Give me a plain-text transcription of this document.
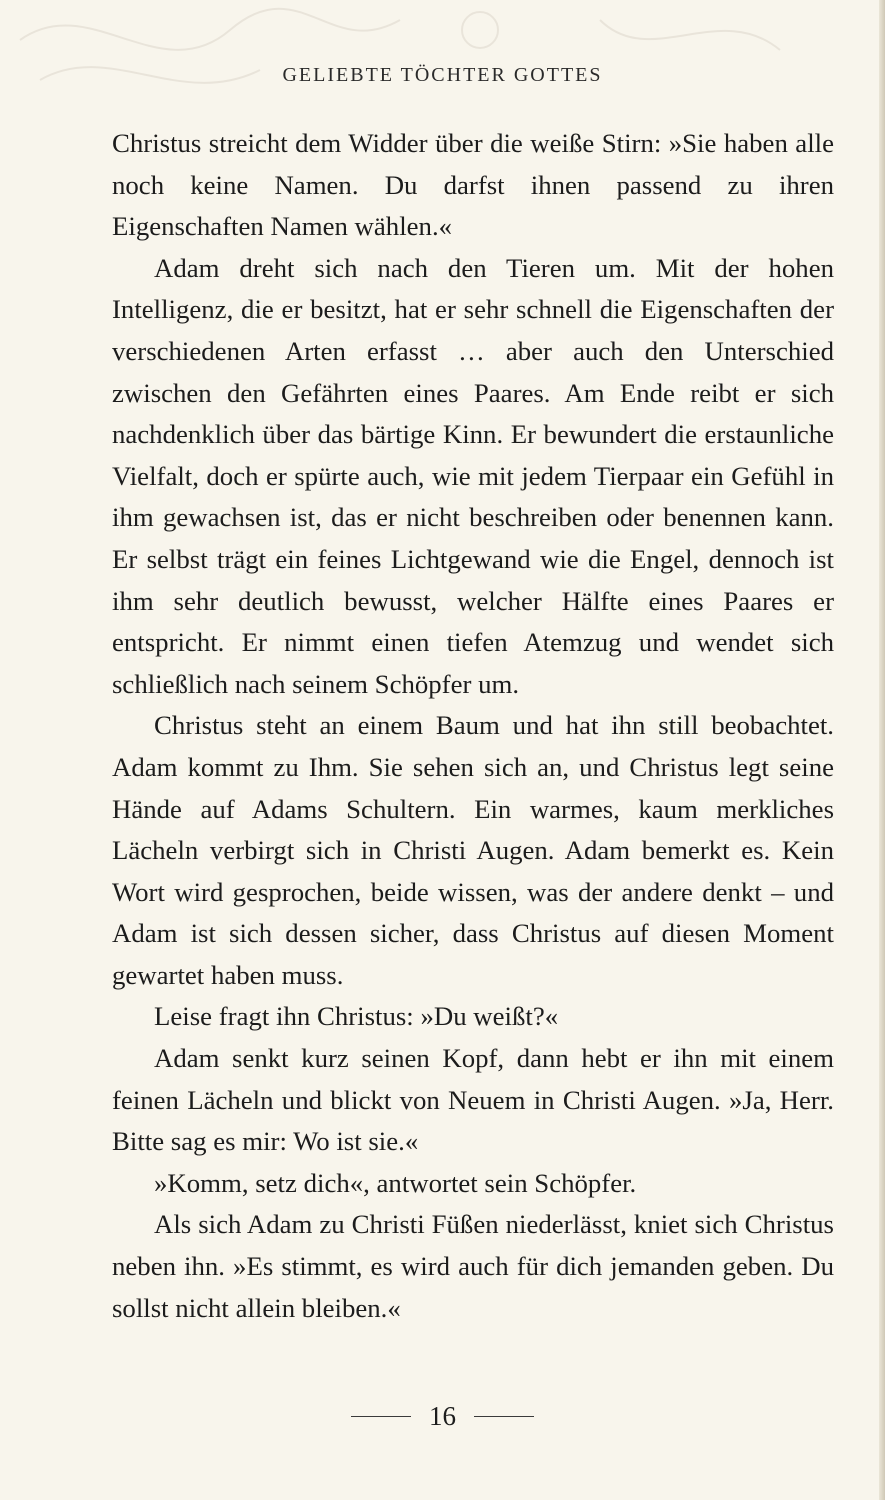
GELIEBTE TÖCHTER GOTTES

Christus streicht dem Widder über die weiße Stirn: »Sie haben alle noch keine Namen. Du darfst ihnen passend zu ihren Eigenschaften Namen wählen.«

Adam dreht sich nach den Tieren um. Mit der hohen Intelligenz, die er besitzt, hat er sehr schnell die Eigenschaften der verschiedenen Arten erfasst … aber auch den Unterschied zwischen den Gefährten eines Paares. Am Ende reibt er sich nachdenklich über das bärtige Kinn. Er bewundert die erstaunliche Vielfalt, doch er spürte auch, wie mit jedem Tierpaar ein Gefühl in ihm gewachsen ist, das er nicht beschreiben oder benennen kann. Er selbst trägt ein feines Lichtgewand wie die Engel, dennoch ist ihm sehr deutlich bewusst, welcher Hälfte eines Paares er entspricht. Er nimmt einen tiefen Atemzug und wendet sich schließlich nach seinem Schöpfer um.

Christus steht an einem Baum und hat ihn still beobachtet. Adam kommt zu Ihm. Sie sehen sich an, und Christus legt seine Hände auf Adams Schultern. Ein warmes, kaum merkliches Lächeln verbirgt sich in Christi Augen. Adam bemerkt es. Kein Wort wird gesprochen, beide wissen, was der andere denkt – und Adam ist sich dessen sicher, dass Christus auf diesen Moment gewartet haben muss.

Leise fragt ihn Christus: »Du weißt?«

Adam senkt kurz seinen Kopf, dann hebt er ihn mit einem feinen Lächeln und blickt von Neuem in Christi Augen. »Ja, Herr. Bitte sag es mir: Wo ist sie.«

»Komm, setz dich«, antwortet sein Schöpfer.

Als sich Adam zu Christi Füßen niederlässt, kniet sich Christus neben ihn. »Es stimmt, es wird auch für dich jemanden geben. Du sollst nicht allein bleiben.«

16
